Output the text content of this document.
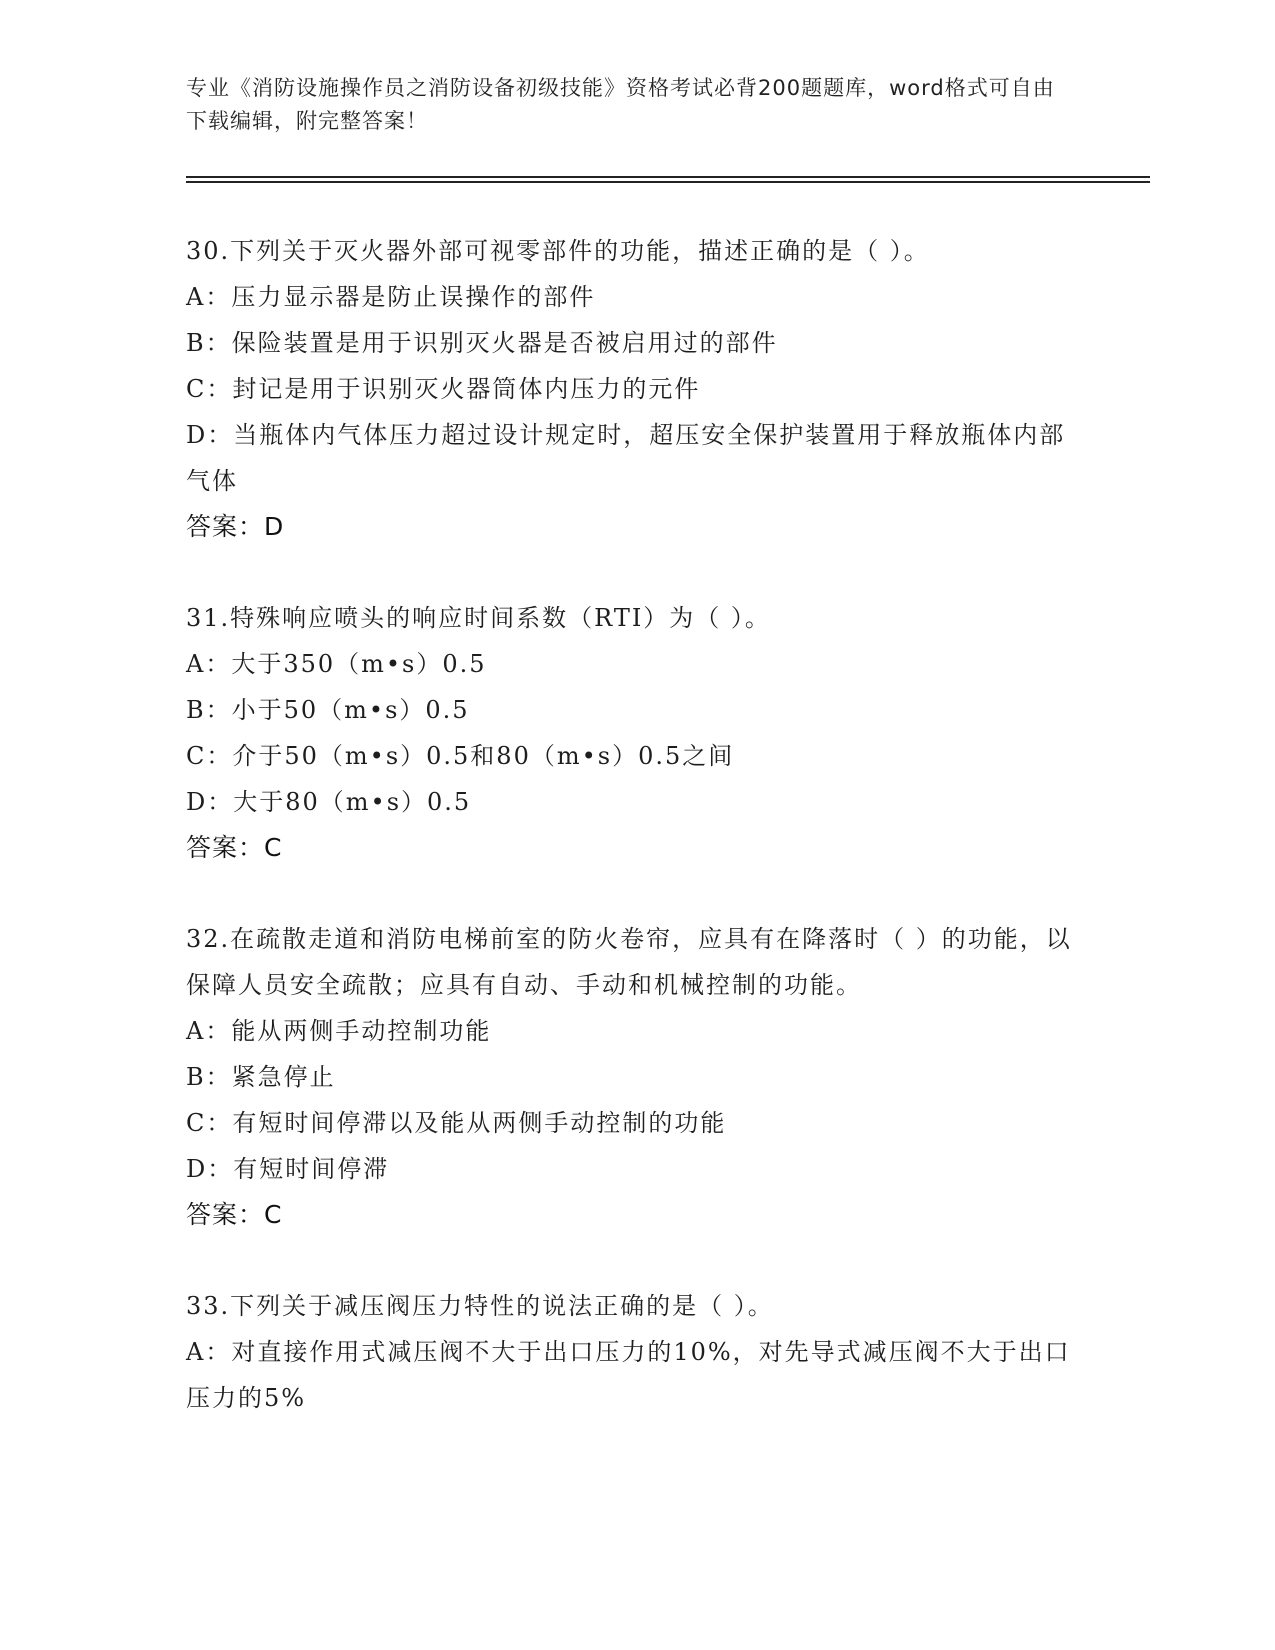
专业《消防设施操作员之消防设备初级技能》资格考试必背200题题库，word格式可自由下载编辑，附完整答案！
30.下列关于灭火器外部可视零部件的功能，描述正确的是（ ）。
A：压力显示器是防止误操作的部件
B：保险装置是用于识别灭火器是否被启用过的部件
C：封记是用于识别灭火器筒体内压力的元件
D：当瓶体内气体压力超过设计规定时，超压安全保护装置用于释放瓶体内部气体
答案：D
31.特殊响应喷头的响应时间系数（RTI）为（ ）。
A：大于350（m•s）0.5
B：小于50（m•s）0.5
C：介于50（m•s）0.5和80（m•s）0.5之间
D：大于80（m•s）0.5
答案：C
32.在疏散走道和消防电梯前室的防火卷帘，应具有在降落时（ ）的功能，以保障人员安全疏散；应具有自动、手动和机械控制的功能。
A：能从两侧手动控制功能
B：紧急停止
C：有短时间停滞以及能从两侧手动控制的功能
D：有短时间停滞
答案：C
33.下列关于减压阀压力特性的说法正确的是（ ）。
A：对直接作用式减压阀不大于出口压力的10%，对先导式减压阀不大于出口压力的5%
